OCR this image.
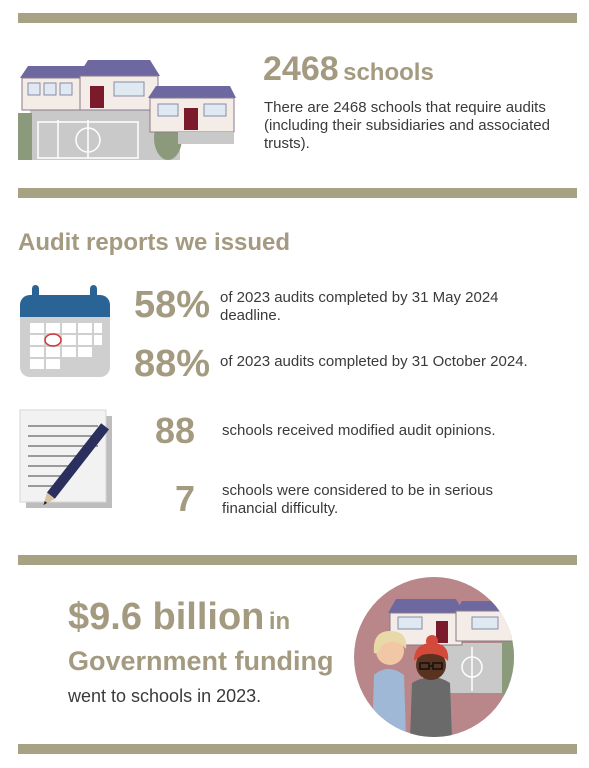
2468 schools
There are 2468 schools that require audits (including their subsidiaries and associated trusts).
Audit reports we issued
58% of 2023 audits completed by 31 May 2024 deadline.
88% of 2023 audits completed by 31 October 2024.
88	schools received modified audit opinions.
7	schools were considered to be in serious financial difficulty.
$9.6 billion in
Government funding
went to schools in 2023.
